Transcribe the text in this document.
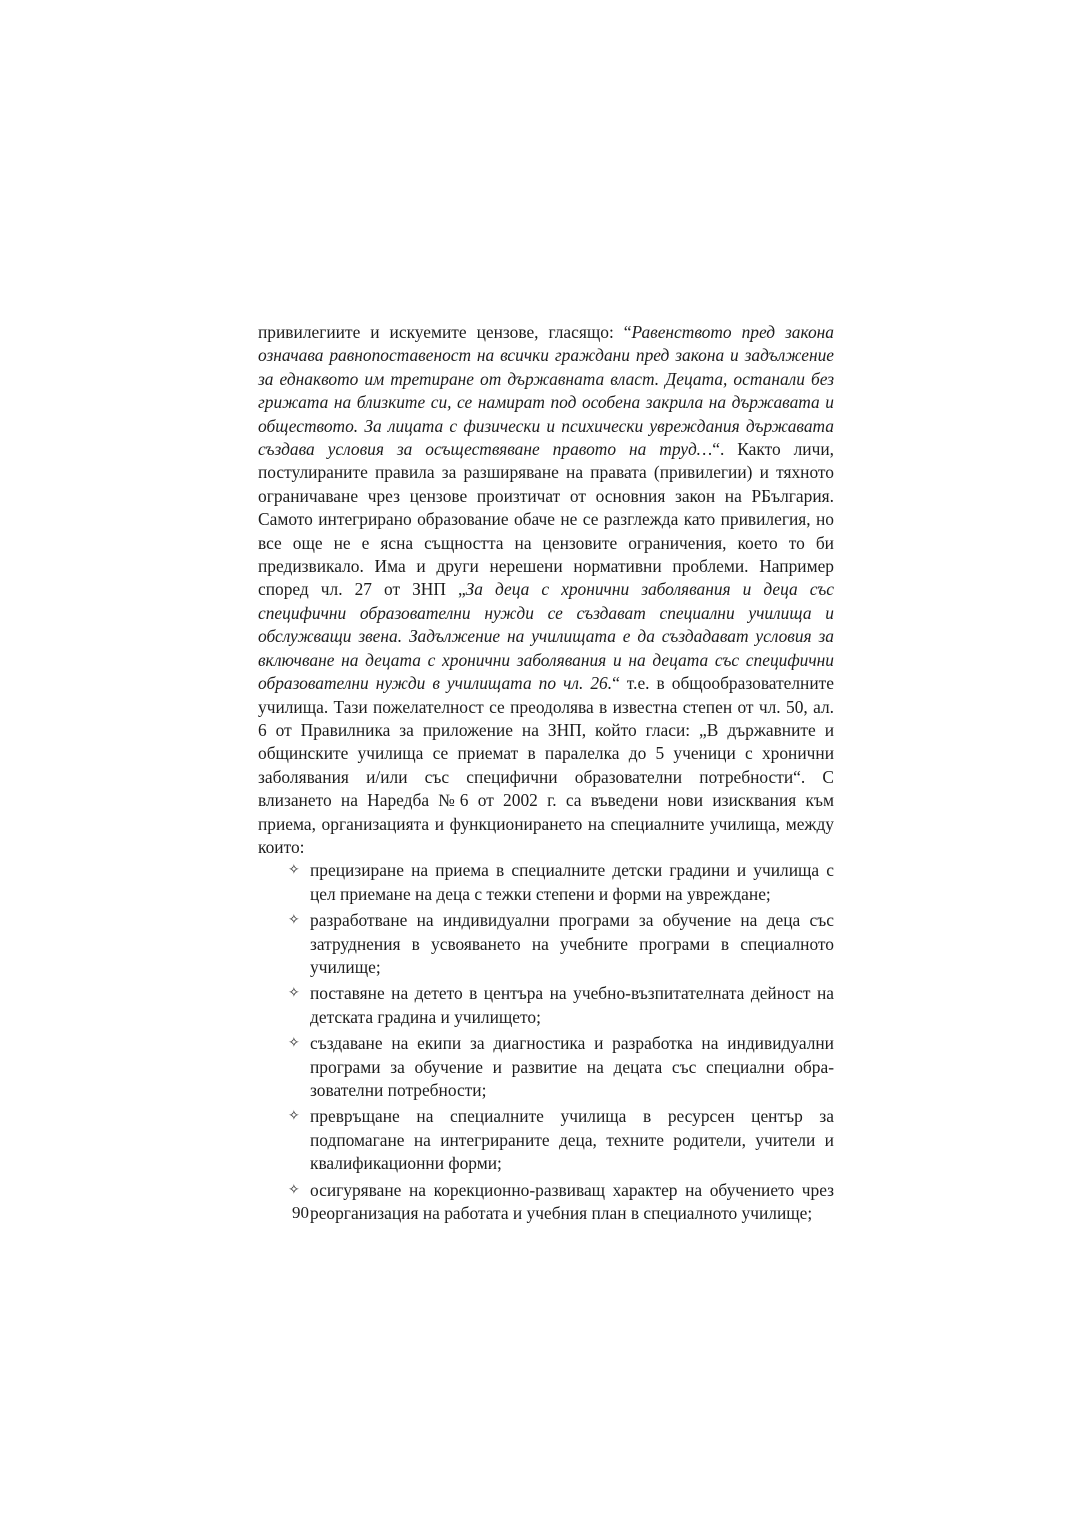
привилегиите и искуемите цензове, гласящо: “Равенството пред закона означава равнопоставеност на всички граждани пред закона и задължение за еднаквото им третиране от държавната власт. Децата, останали без грижата на близките си, се намират под особена закрила на държавата и обществото. За лицата с физически и психически увреждания държавата създава условия за осъществяване правото на труд…“. Както личи, постулираните правила за разширяване на правата (привилегии) и тяхното ограничаване чрез цензове произтичат от основния закон на РБългария. Самото интегрирано образование обаче не се разглежда като привилегия, но все още не е ясна същността на цензовите ограничения, което то би предизвикало. Има и други нерешени нормативни проблеми. Например според чл. 27 от ЗНП „За деца с хронични заболявания и деца със специфични образователни нужди се създават специални училища и обслужващи звена. Задължение на училищата е да създадават условия за включване на децата с хронични заболявания и на децата със специфични образователни нужди в училищата по чл. 26.“ т.е. в общообразователните училища. Тази пожелателност се преодолява в известна степен от чл. 50, ал. 6 от Правилника за приложение на ЗНП, който гласи: „В държавните и общинските училища се приемат в паралелка до 5 ученици с хронични заболявания и/или със специфични образователни потребности“. С влизането на Наредба №6 от 2002 г. са въведени нови изисквания към приема, организацията и функционирането на специалните училища, между които:

✧ прецизиране на приема в специалните детски градини и училища с цел приемане на деца с тежки степени и форми на увреждане;
✧ разработване на индивидуални програми за обучение на деца със затруднения в усвояването на учебните програми в специалното училище;
✧ поставяне на детето в центъра на учебно-възпитателната дейност на детската градина и училището;
✧ създаване на екипи за диагностика и разработка на индивидуални програми за обучение и развитие на децата със специални образователни потребности;
✧ превръщане на специалните училища в ресурсен център за подпомагане на интегрираните деца, техните родители, учители и квалификационни форми;
✧ осигуряване на корекционно-развиващ характер на обучението чрез реорганизация на работата и учебния план в специалното училище;
90
